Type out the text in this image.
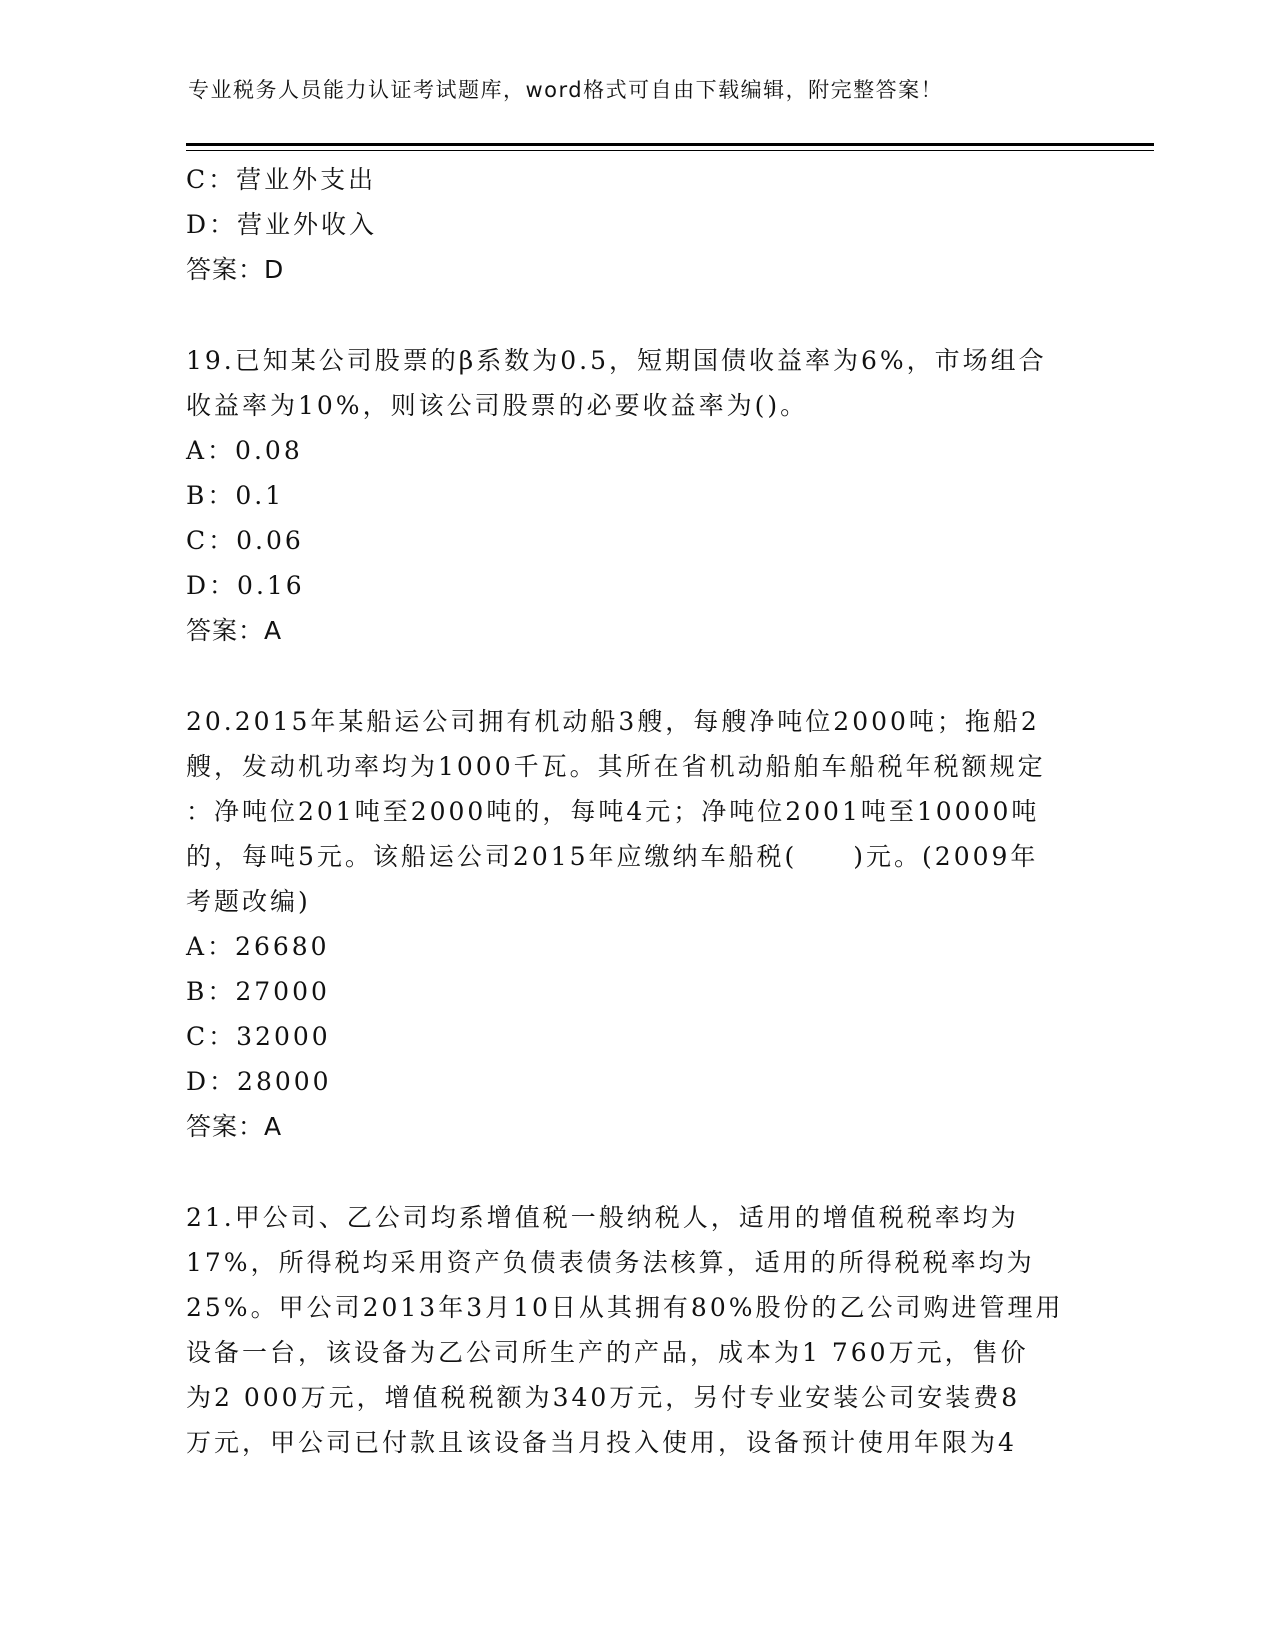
专业税务人员能力认证考试题库，word格式可自由下载编辑，附完整答案！
C：营业外支出
D：营业外收入
答案：D
19.已知某公司股票的β系数为0.5，短期国债收益率为6%，市场组合
收益率为10%，则该公司股票的必要收益率为()。
A：0.08
B：0.1
C：0.06
D：0.16
答案：A
20.2015年某船运公司拥有机动船3艘，每艘净吨位2000吨；拖船2
艘，发动机功率均为1000千瓦。其所在省机动船舶车船税年税额规定
：净吨位201吨至2000吨的，每吨4元；净吨位2001吨至10000吨
的，每吨5元。该船运公司2015年应缴纳车船税(　　)元。(2009年
考题改编)
A：26680
B：27000
C：32000
D：28000
答案：A
21.甲公司、乙公司均系增值税一般纳税人，适用的增值税税率均为
17%，所得税均采用资产负债表债务法核算，适用的所得税税率均为
25%。甲公司2013年3月10日从其拥有80%股份的乙公司购进管理用
设备一台，该设备为乙公司所生产的产品，成本为1 760万元，售价
为2 000万元，增值税税额为340万元，另付专业安装公司安装费8
万元，甲公司已付款且该设备当月投入使用，设备预计使用年限为4
